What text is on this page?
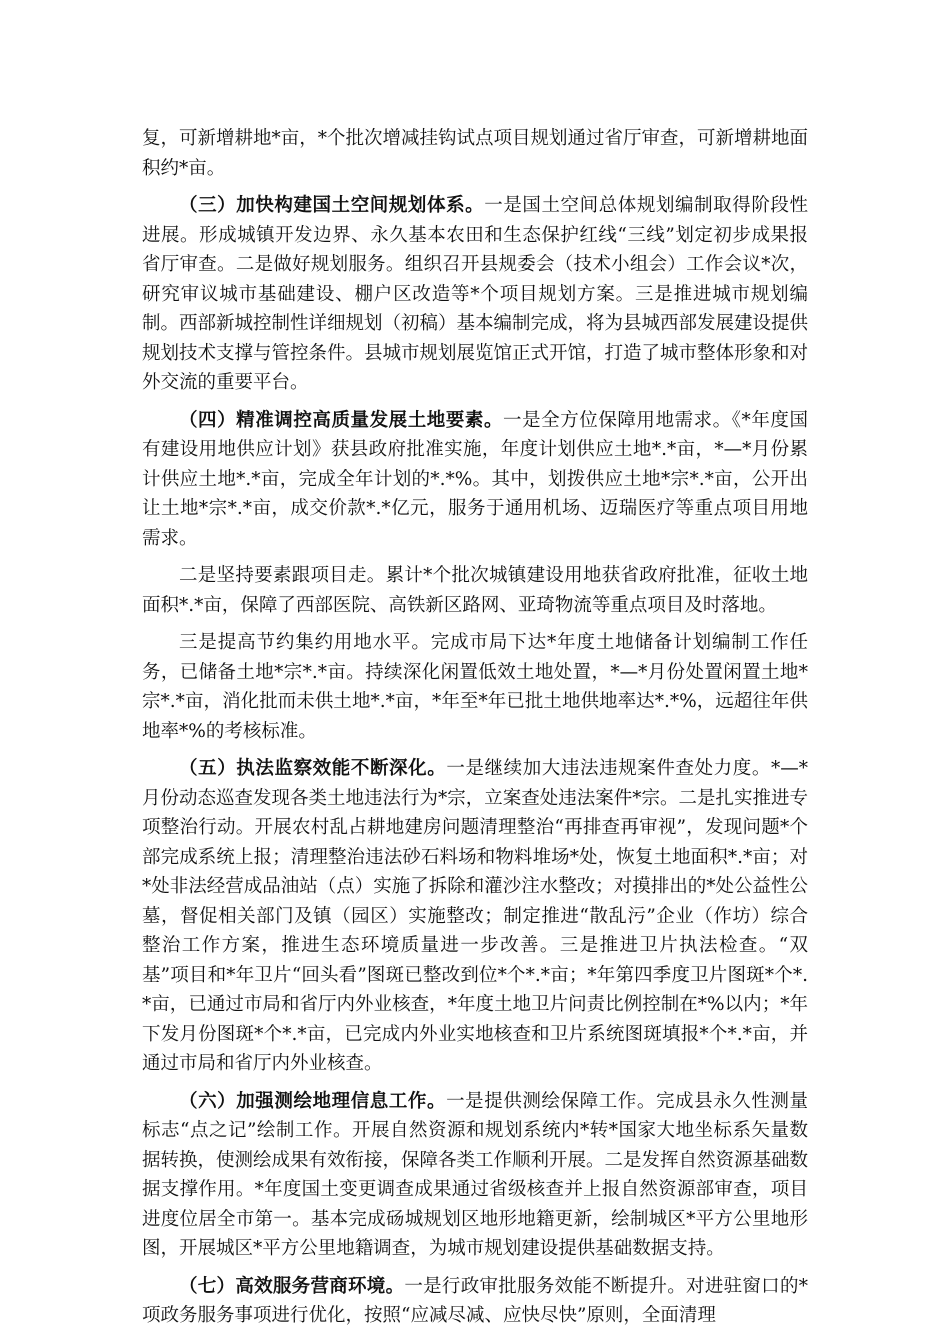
复，可新增耕地*亩，*个批次增减挂钩试点项目规划通过省厅审查，可新增耕地面积约*亩。

（三）加快构建国土空间规划体系。一是国土空间总体规划编制取得阶段性进展。形成城镇开发边界、永久基本农田和生态保护红线“三线”划定初步成果报省厅审查。二是做好规划服务。组织召开县规委会（技术小组会）工作会议*次，研究审议城市基础建设、棚户区改造等*个项目规划方案。三是推进城市规划编制。西部新城控制性详细规划（初稿）基本编制完成，将为县城西部发展建设提供规划技术支撑与管控条件。县城市规划展览馆正式开馆，打造了城市整体形象和对外交流的重要平台。

（四）精准调控高质量发展土地要素。一是全方位保障用地需求。《*年度国有建设用地供应计划》获县政府批准实施，年度计划供应土地*.*亩，*—*月份累计供应土地*.*亩，完成全年计划的*.*%。其中，划拨供应土地*宗*.*亩，公开出让土地*宗*.*亩，成交价款*.*亿元，服务于通用机场、迈瑞医疗等重点项目用地需求。

二是坚持要素跟项目走。累计*个批次城镇建设用地获省政府批准，征收土地面积*.*亩，保障了西部医院、高铁新区路网、亚琦物流等重点项目及时落地。

三是提高节约集约用地水平。完成市局下达*年度土地储备计划编制工作任务，已储备土地*宗*.*亩。持续深化闲置低效土地处置，*—*月份处置闲置土地*宗*.*亩，消化批而未供土地*.*亩，*年至*年已批土地供地率达*.*%，远超往年供地率*%的考核标准。

（五）执法监察效能不断深化。一是继续加大违法违规案件查处力度。*—*月份动态巡查发现各类土地违法行为*宗，立案查处违法案件*宗。二是扎实推进专项整治行动。开展农村乱占耕地建房问题清理整治“再排查再审视”，发现问题*个部完成系统上报；清理整治违法砂石料场和物料堆场*处，恢复土地面积*.*亩；对*处非法经营成品油站（点）实施了拆除和灌沙注水整改；对摸排出的*处公益性公墓，督促相关部门及镇（园区）实施整改；制定推进“散乱污”企业（作坊）综合整治工作方案，推进生态环境质量进一步改善。三是推进卫片执法检查。“双基”项目和*年卫片“回头看”图斑已整改到位*个*.*亩；*年第四季度卫片图斑*个*.*亩，已通过市局和省厅内外业核查，*年度土地卫片问责比例控制在*%以内；*年下发月份图斑*个*.*亩，已完成内外业实地核查和卫片系统图斑填报*个*.*亩，并通过市局和省厅内外业核查。

（六）加强测绘地理信息工作。一是提供测绘保障工作。完成县永久性测量标志“点之记”绘制工作。开展自然资源和规划系统内*转*国家大地坐标系矢量数据转换，使测绘成果有效衔接，保障各类工作顺利开展。二是发挥自然资源基础数据支撑作用。*年度国土变更调查成果通过省级核查并上报自然资源部审查，项目进度位居全市第一。基本完成砀城规划区地形地籍更新，绘制城区*平方公里地形图，开展城区*平方公里地籍调查，为城市规划建设提供基础数据支持。

（七）高效服务营商环境。一是行政审批服务效能不断提升。对进驻窗口的*项政务服务事项进行优化，按照“应减尽减、应快尽快”原则，全面清理
